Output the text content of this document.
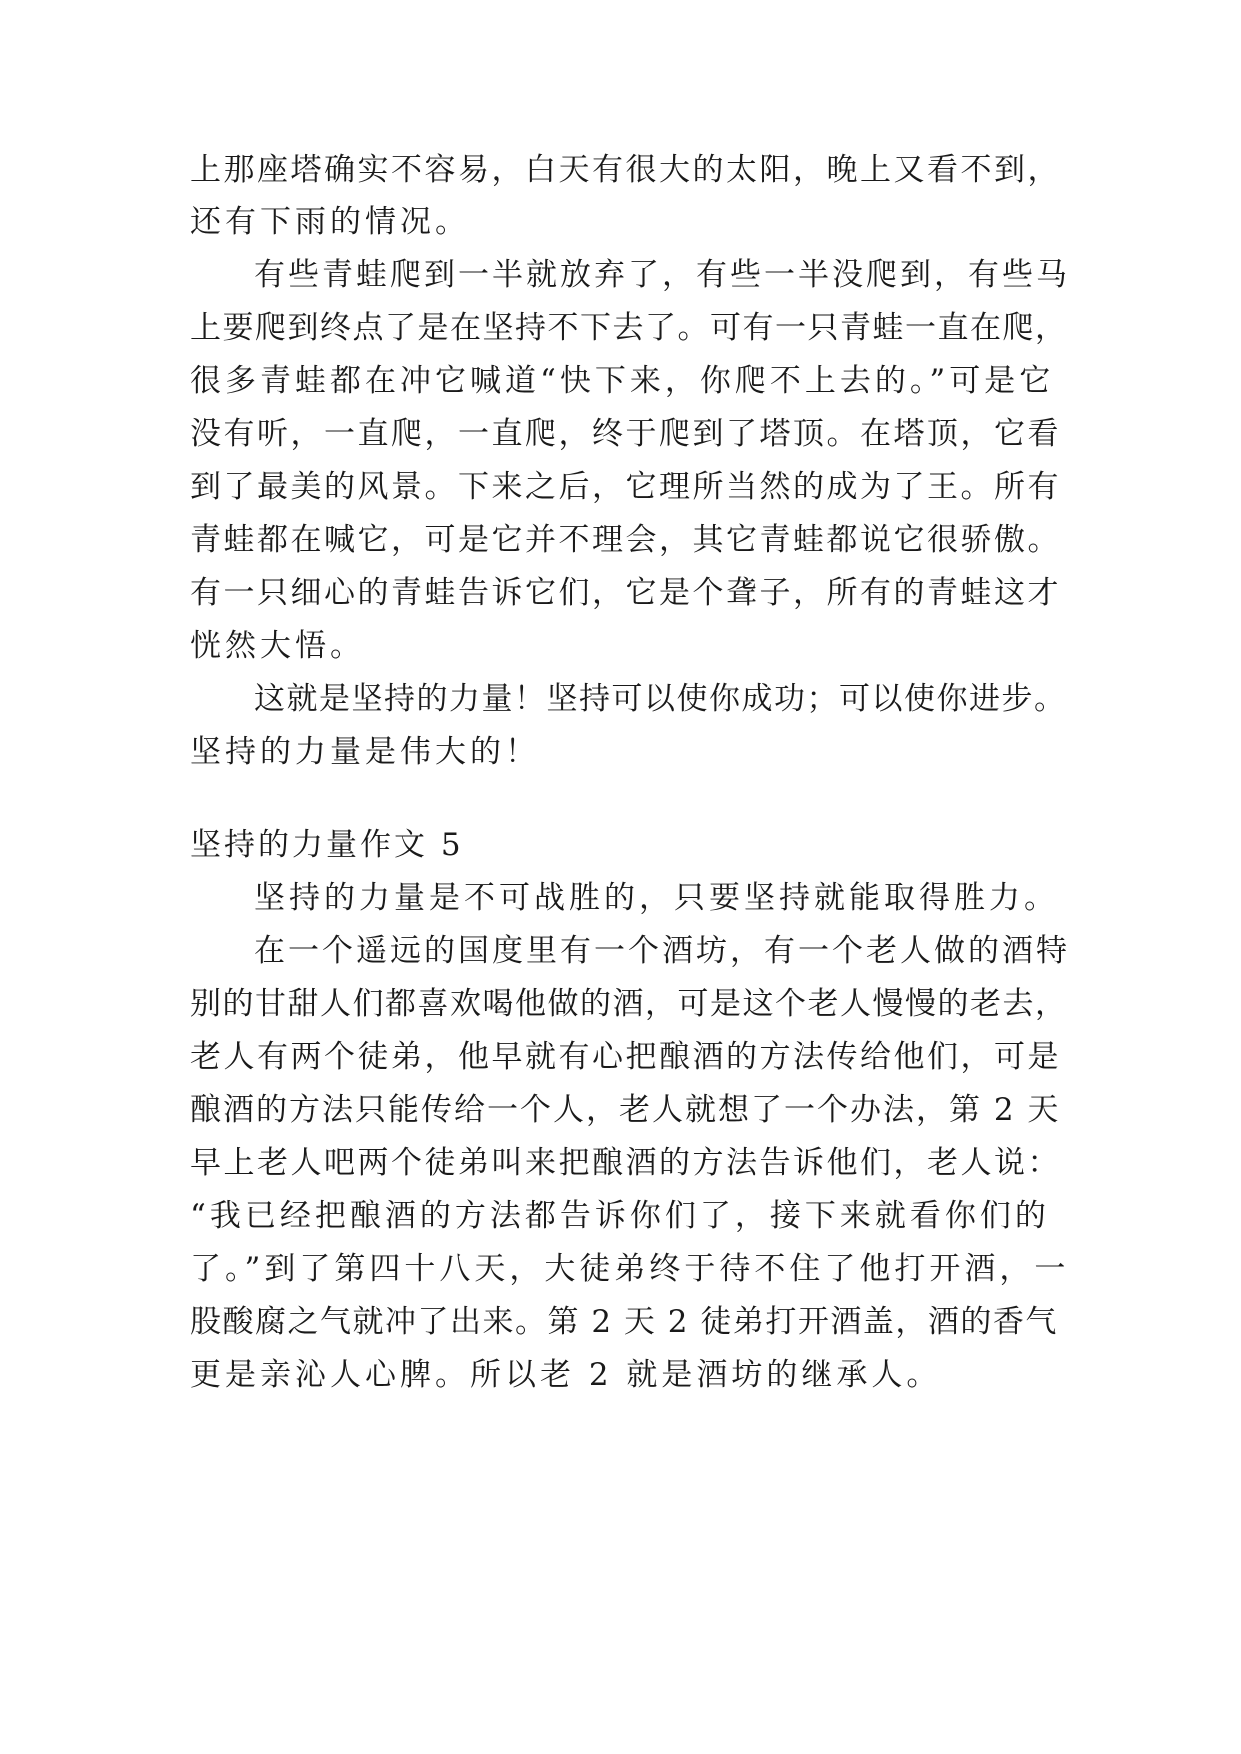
上那座塔确实不容易，白天有很大的太阳，晚上又看不到，

还有下雨的情况。

有些青蛙爬到一半就放弃了，有些一半没爬到，有些马

上要爬到终点了是在坚持不下去了。可有一只青蛙一直在爬，

很多青蛙都在冲它喊道“快下来，你爬不上去的。”可是它

没有听，一直爬，一直爬，终于爬到了塔顶。在塔顶，它看

到了最美的风景。下来之后，它理所当然的成为了王。所有

青蛙都在喊它，可是它并不理会，其它青蛙都说它很骄傲。

有一只细心的青蛙告诉它们，它是个聋子，所有的青蛙这才

恍然大悟。

这就是坚持的力量！坚持可以使你成功；可以使你进步。

坚持的力量是伟大的！

坚持的力量作文 5

坚持的力量是不可战胜的，只要坚持就能取得胜力。

在一个遥远的国度里有一个酒坊，有一个老人做的酒特

别的甘甜人们都喜欢喝他做的酒，可是这个老人慢慢的老去，

老人有两个徒弟，他早就有心把酿酒的方法传给他们，可是

酿酒的方法只能传给一个人，老人就想了一个办法，第 2 天

早上老人吧两个徒弟叫来把酿酒的方法告诉他们，老人说：

“我已经把酿酒的方法都告诉你们了，接下来就看你们的

了。”到了第四十八天，大徒弟终于待不住了他打开酒，一

股酸腐之气就冲了出来。第 2 天 2 徒弟打开酒盖，酒的香气

更是亲沁人心脾。所以老 2 就是酒坊的继承人。
